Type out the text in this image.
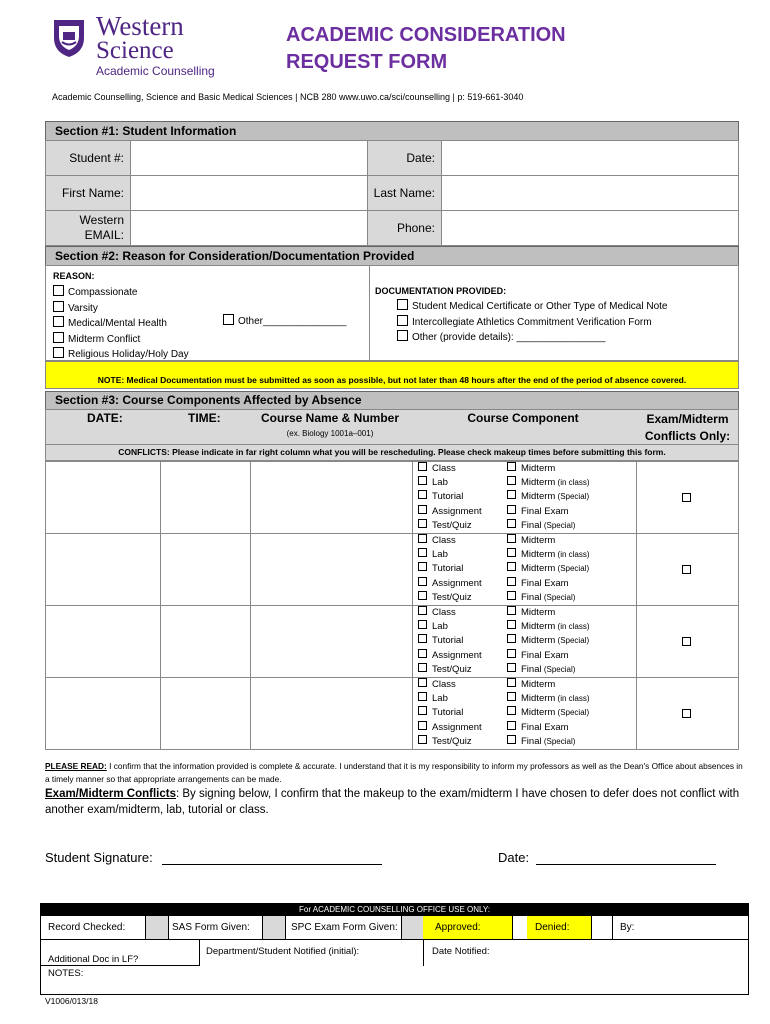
Western
Science
Academic Counselling
ACADEMIC CONSIDERATION
REQUEST FORM
Academic Counselling, Science and Basic Medical Sciences | NCB 280 www.uwo.ca/sci/counselling | p: 519-661-3040
Section #1: Student Information
Student #:		Date:	
First Name:		Last Name:	

Western
EMAIL:		Phone:	
Section #2: Reason for Consideration/Documentation Provided
REASON:
Compassionate
Varsity
Medical/Mental Health
Midterm Conflict
Religious Holiday/Holy Day
Other_______________
DOCUMENTATION PROVIDED:
Student Medical Certificate or Other Type of Medical Note
Intercollegiate Athletics Commitment Verification Form
Other (provide details): ________________
NOTE: Medical Documentation must be submitted as soon as possible, but not later than 48 hours after the end of the period of absence covered.
Section #3: Course Components Affected by Absence
DATE:	TIME:	Course Name & Number
(ex. Biology 1001a–001)
Course Component	Exam/Midterm
Conflicts Only:
CONFLICTS: Please indicate in far right column what you will be rescheduling. Please check makeup times before submitting this form.
Class
Lab
Tutorial
Assignment
Test/Quiz
Midterm
Midterm (in class)
Midterm (Special)
Final Exam
Final (Special)
Class
Lab
Tutorial
Assignment
Test/Quiz
Midterm
Midterm (in class)
Midterm (Special)
Final Exam
Final (Special)
Class
Lab
Tutorial
Assignment
Test/Quiz
Midterm
Midterm (in class)
Midterm (Special)
Final Exam
Final (Special)
Class
Lab
Tutorial
Assignment
Test/Quiz
Midterm
Midterm (in class)
Midterm (Special)
Final Exam
Final (Special)
PLEASE READ: I confirm that the information provided is complete & accurate. I understand that it is my responsibility to inform my professors as well as the Dean's Office about absences in a timely manner so that appropriate arrangements can be made.
Exam/Midterm Conflicts: By signing below, I confirm that the makeup to the exam/midterm I have chosen to defer does not conflict with another exam/midterm, lab, tutorial or class.
Student Signature:	Date:
For ACADEMIC COUNSELLING OFFICE USE ONLY:
Record Checked:	SAS Form Given:	SPC Exam Form Given:	Approved:	Denied:	By:
Additional Doc in LF?
Department/Student Notified (initial):	Date Notified:
NOTES:
V1006/013/18
